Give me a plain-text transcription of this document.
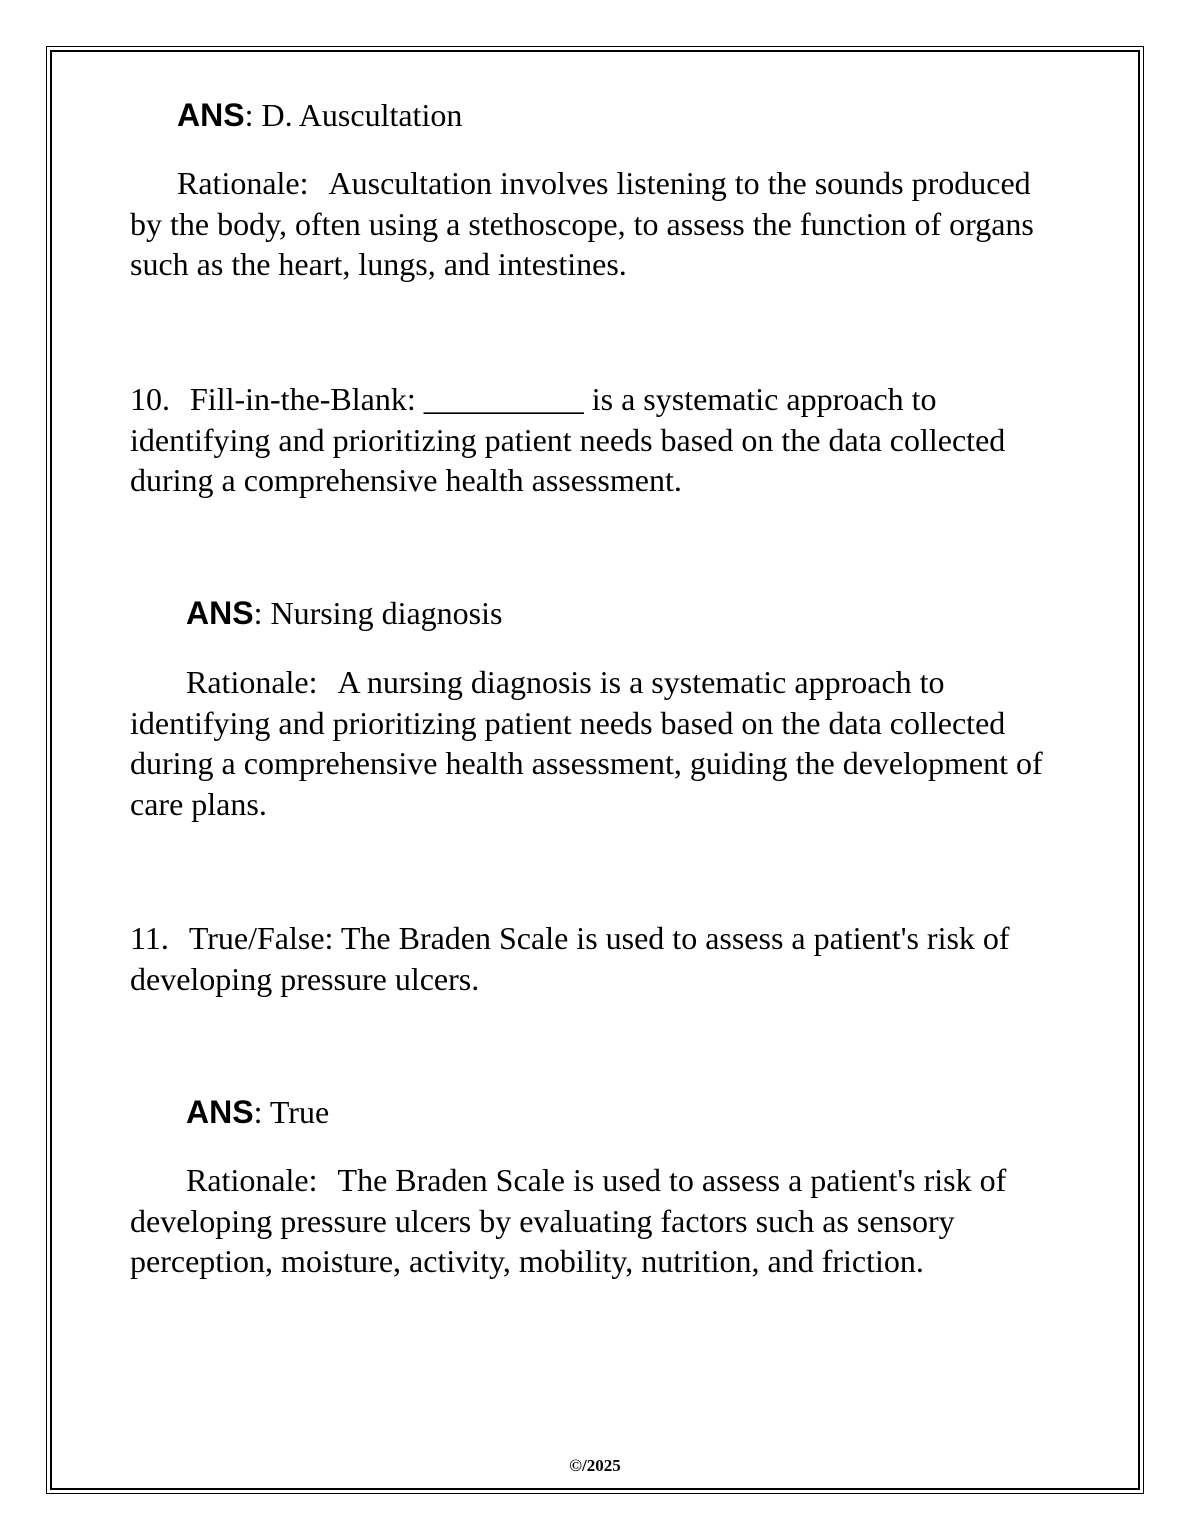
ANS: D. Auscultation

Rationale: Auscultation involves listening to the sounds produced by the body, often using a stethoscope, to assess the function of organs such as the heart, lungs, and intestines.

10. Fill-in-the-Blank: __________ is a systematic approach to identifying and prioritizing patient needs based on the data collected during a comprehensive health assessment.

ANS: Nursing diagnosis

Rationale: A nursing diagnosis is a systematic approach to identifying and prioritizing patient needs based on the data collected during a comprehensive health assessment, guiding the development of care plans.

11. True/False: The Braden Scale is used to assess a patient's risk of developing pressure ulcers.

ANS: True

Rationale: The Braden Scale is used to assess a patient's risk of developing pressure ulcers by evaluating factors such as sensory perception, moisture, activity, mobility, nutrition, and friction.

©/2025
